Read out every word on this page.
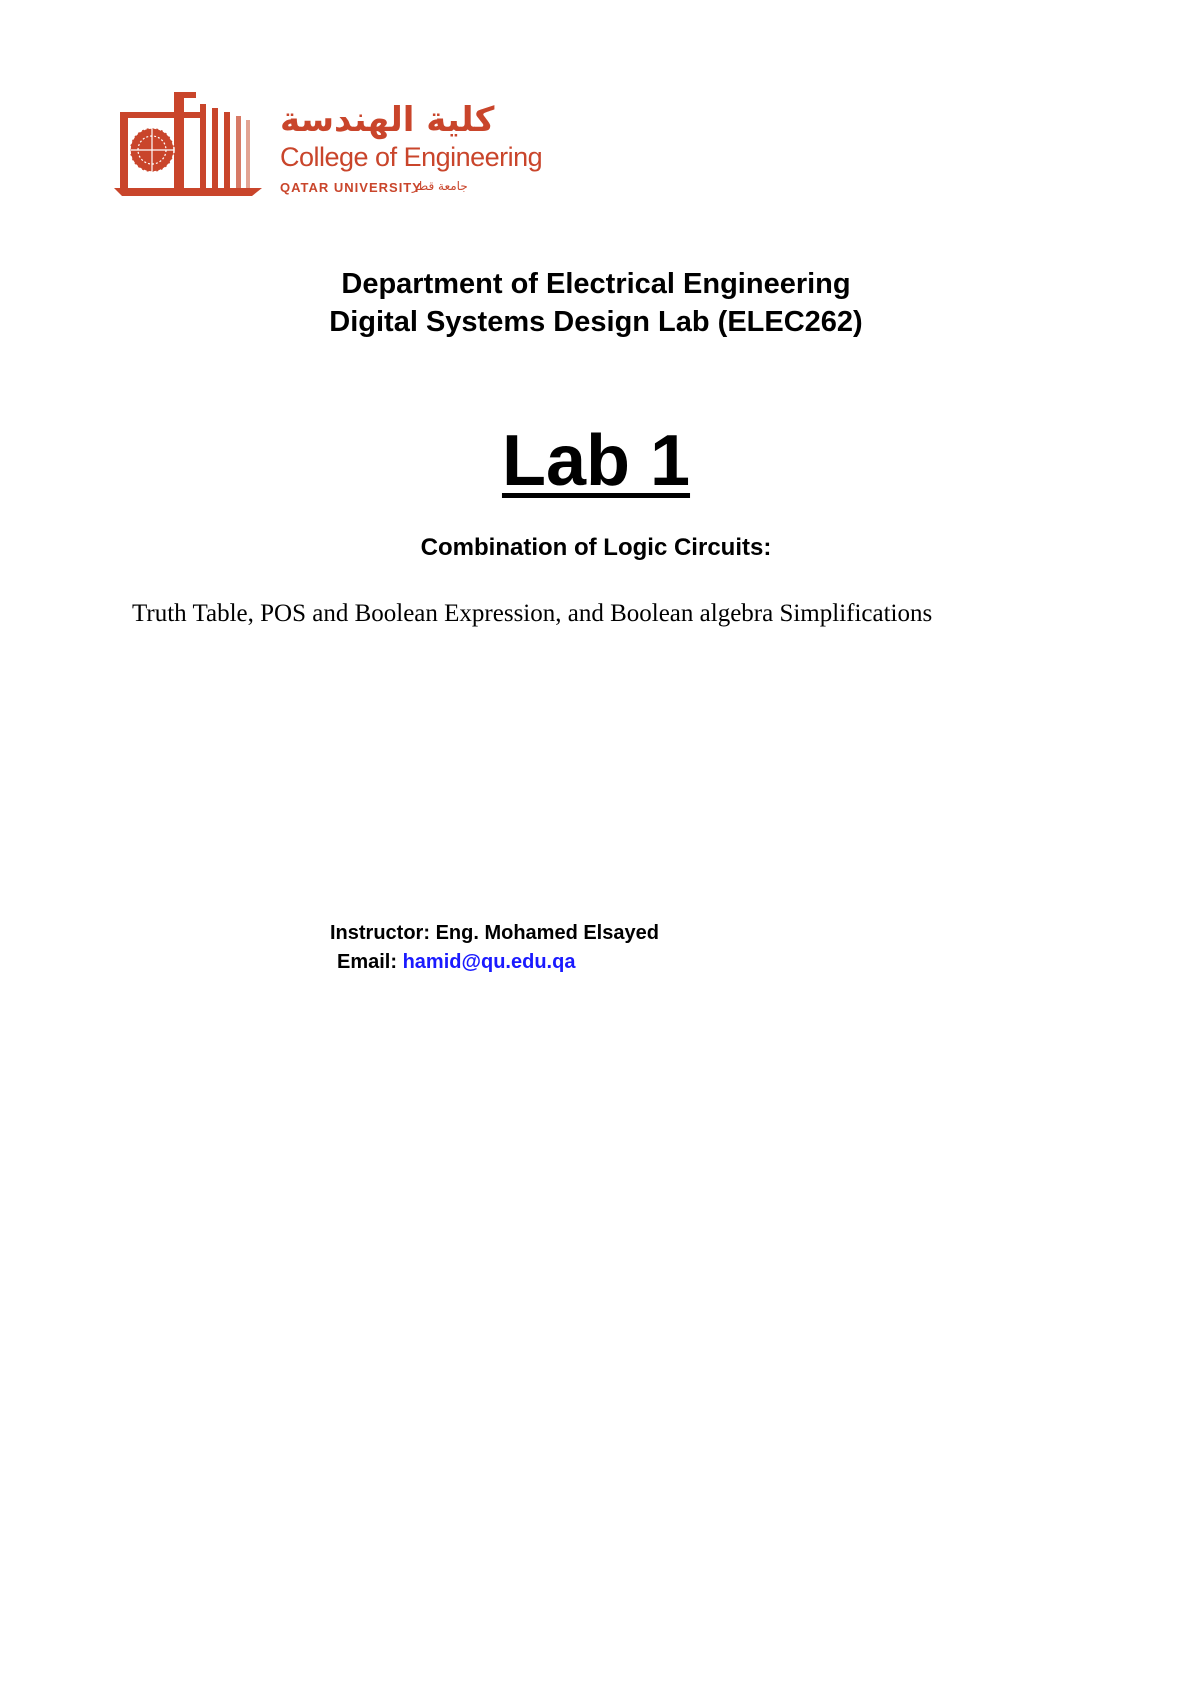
كلية الهندسة
College of Engineering
QATAR UNIVERSITY
جامعة قطر
Department of Electrical Engineering
Digital Systems Design Lab (ELEC262)
Lab 1
Combination of Logic Circuits:
Truth Table, POS and Boolean Expression, and Boolean algebra Simplifications
Instructor: Eng. Mohamed Elsayed
Email: hamid@qu.edu.qa
